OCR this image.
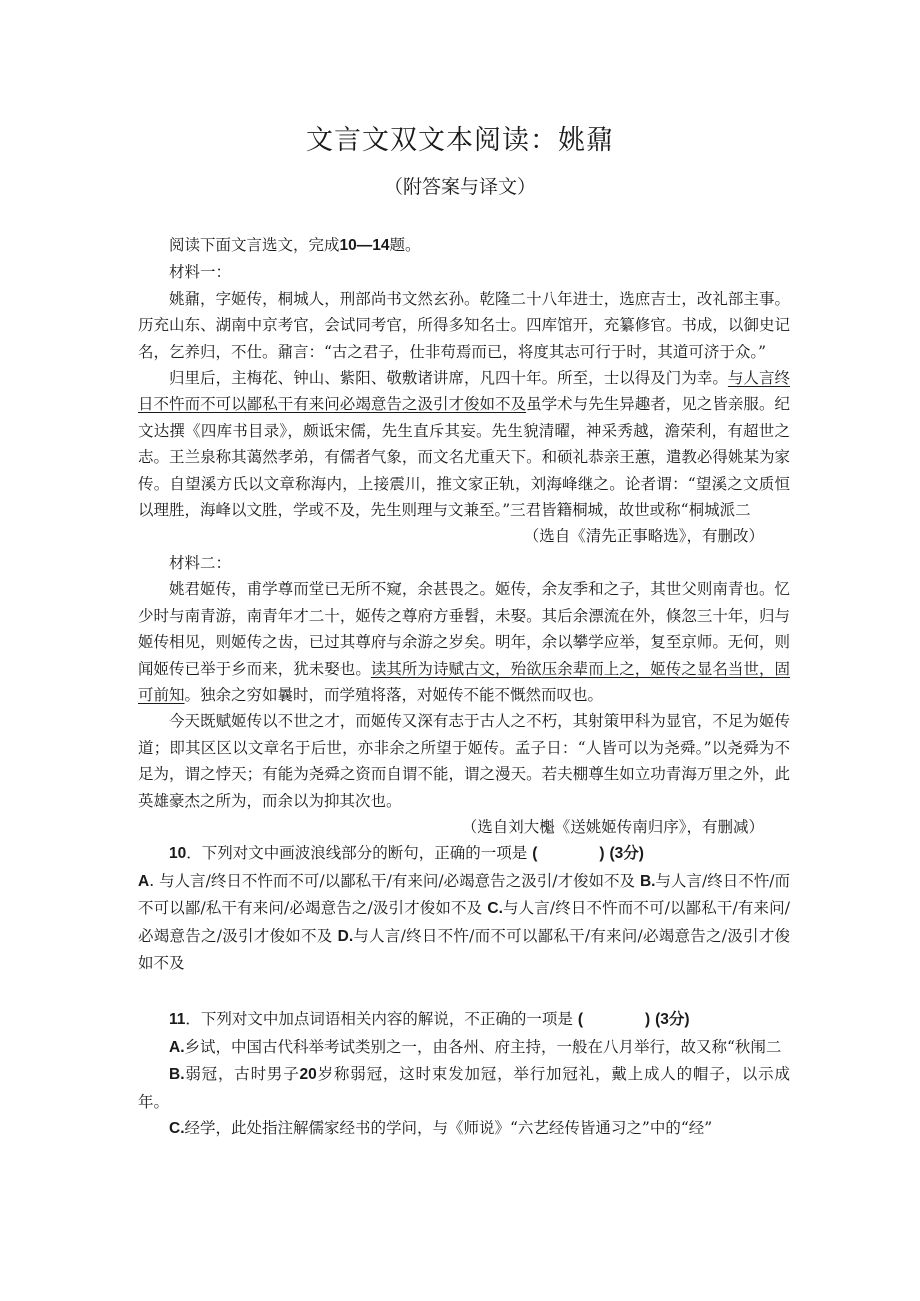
文言文双文本阅读：姚鼐
（附答案与译文）

阅读下面文言选文，完成10—14题。

材料一：

姚鼐，字姬传，桐城人，刑部尚书文然玄孙。乾隆二十八年进士，选庶吉士，改礼部主事。历充山东、湖南中京考官，会试同考官，所得多知名士。四库馆开，充纂修官。书成，以御史记名，乞养归，不仕。鼐言：“古之君子，仕非苟焉而已，将度其志可行于时，其道可济于众。”

归里后，主梅花、钟山、紫阳、敬敷诸讲席，凡四十年。所至，士以得及门为幸。与人言终日不忤而不可以鄙私干有来问必竭意告之汲引才俊如不及虽学术与先生异趣者，见之皆亲服。纪文达撰《四库书目录》，颇诋宋儒，先生直斥其妄。先生貌清曜，神采秀越，澹荣利，有超世之志。王兰泉称其蔼然孝弟，有儒者气象，而文名尤重天下。和硕礼恭亲王蕙，遣教必得姚某为家传。自望溪方氏以文章称海内，上接震川，推文家正轨，刘海峰继之。论者谓：“望溪之文质恒以理胜，海峰以文胜，学或不及，先生则理与文兼至。”三君皆籍桐城，故世或称“桐城派二

（选自《清先正事略选》，有删改）

材料二：

姚君姬传，甫学尊而堂已无所不窥，余甚畏之。姬传，余友季和之子，其世父则南青也。忆少时与南青游，南青年才二十，姬传之尊府方垂髫，未娶。其后余漂流在外，倏忽三十年，归与姬传相见，则姬传之齿，已过其尊府与余游之岁矣。明年，余以攀学应举，复至京师。无何，则闻姬传已举于乡而来，犹未娶也。读其所为诗赋古文，殆欲压余辈而上之，姬传之显名当世，固可前知。独余之穷如曩时，而学殖将落，对姬传不能不慨然而叹也。

今天既赋姬传以不世之才，而姬传又深有志于古人之不朽，其射策甲科为显官，不足为姬传道；即其区区以文章名于后世，亦非余之所望于姬传。孟子日：“人皆可以为尧舜。”以尧舜为不足为，谓之悖天；有能为尧舜之资而自谓不能，谓之漫天。若夫棚尊生如立功青海万里之外，此英雄豪杰之所为，而余以为抑其次也。

（选自刘大櫆《送姚姬传南归序》，有删减）

10．下列对文中画波浪线部分的断句，正确的一项是 (　　　　) (3分)

A. 与人言/终日不忤而不可/以鄙私干/有来问/必竭意告之汲引/才俊如不及 B.与人言/终日不忤/而不可以鄙/私干有来问/必竭意告之/汲引才俊如不及 C.与人言/终日不忤而不可/以鄙私干/有来问/必竭意告之/汲引才俊如不及 D.与人言/终日不忤/而不可以鄙私干/有来问/必竭意告之/汲引才俊如不及

11．下列对文中加点词语相关内容的解说，不正确的一项是 (　　　　) (3分)

A.乡试，中国古代科举考试类别之一，由各州、府主持，一般在八月举行，故又称“秋闱二

B.弱冠，古时男子20岁称弱冠，这时束发加冠，举行加冠礼，戴上成人的帽子，以示成年。

C.经学，此处指注解儒家经书的学问，与《师说》“六艺经传皆通习之”中的“经”
